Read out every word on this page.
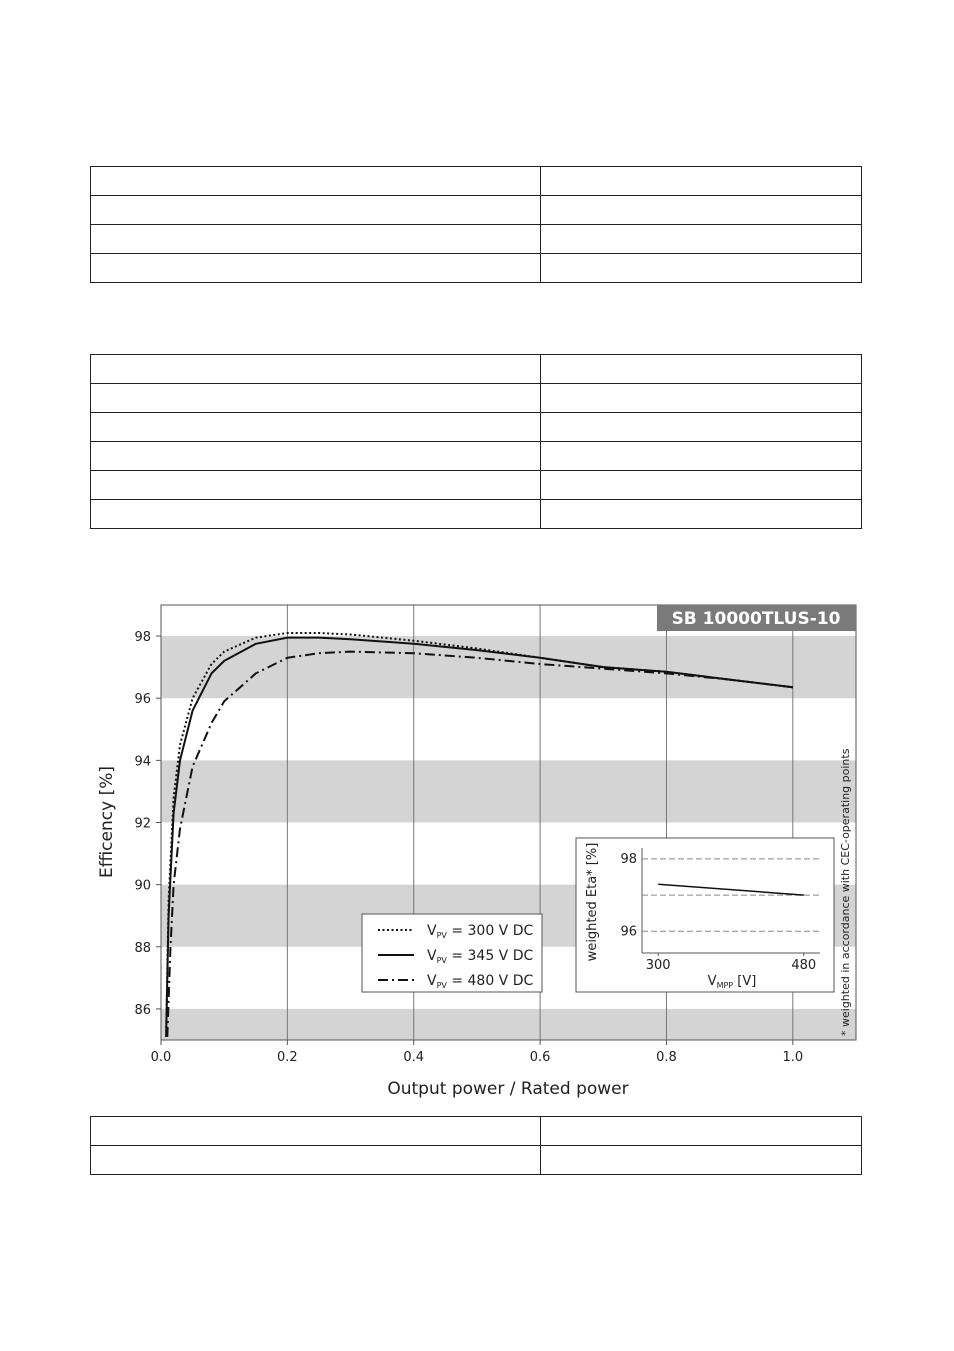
SB 10000TLUS-10
86
88
90
92
94
96
98
0.0	0.2	0.4	0.6	0.8	1.0
Efficency [%]
Output power / Rated power
$V_{PV} = 300$ V DC
$V_{PV} = 345$ V DC
$V_{PV} = 480$ V DC
98
96
300	480
weighted Eta* [%]
$V_{MPP}$ [V]	* weighted in accordance with CEC-operating points
